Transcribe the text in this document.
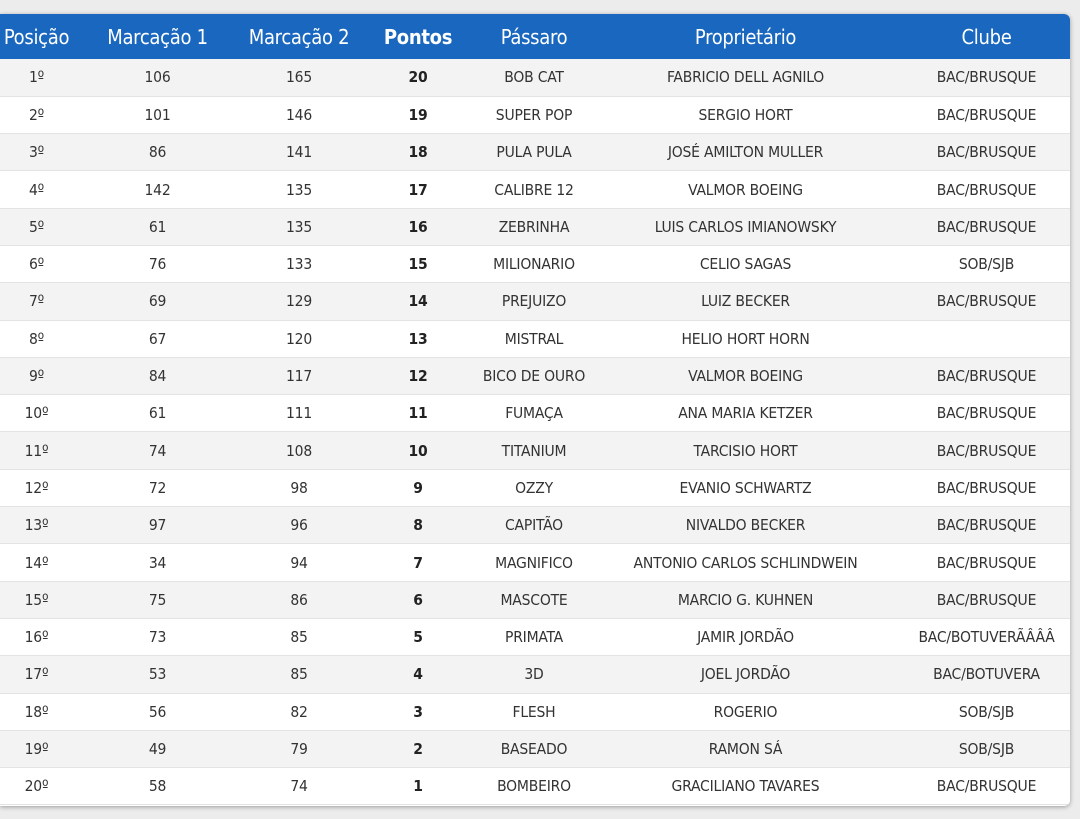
Posição	Marcação 1	Marcação 2	Pontos	Pássaro	Proprietário	Clube
1º	106	165	20	BOB CAT	FABRICIO DELL AGNILO	BAC/BRUSQUE
2º	101	146	19	SUPER POP	SERGIO HORT	BAC/BRUSQUE
3º	86	141	18	PULA PULA	JOSÉ AMILTON MULLER	BAC/BRUSQUE
4º	142	135	17	CALIBRE 12	VALMOR BOEING	BAC/BRUSQUE
5º	61	135	16	ZEBRINHA	LUIS CARLOS IMIANOWSKY	BAC/BRUSQUE
6º	76	133	15	MILIONARIO	CELIO SAGAS	SOB/SJB
7º	69	129	14	PREJUIZO	LUIZ BECKER	BAC/BRUSQUE
8º	67	120	13	MISTRAL	HELIO HORT HORN	
9º	84	117	12	BICO DE OURO	VALMOR BOEING	BAC/BRUSQUE
10º	61	111	11	FUMAÇA	ANA MARIA KETZER	BAC/BRUSQUE
11º	74	108	10	TITANIUM	TARCISIO HORT	BAC/BRUSQUE
12º	72	98	9	OZZY	EVANIO SCHWARTZ	BAC/BRUSQUE
13º	97	96	8	CAPITÃO	NIVALDO BECKER	BAC/BRUSQUE
14º	34	94	7	MAGNIFICO	ANTONIO CARLOS SCHLINDWEIN	BAC/BRUSQUE
15º	75	86	6	MASCOTE	MARCIO G. KUHNEN	BAC/BRUSQUE
16º	73	85	5	PRIMATA	JAMIR JORDÃO	BAC/BOTUVERÃÂÂÂ
17º	53	85	4	3D	JOEL JORDÃO	BAC/BOTUVERA
18º	56	82	3	FLESH	ROGERIO	SOB/SJB
19º	49	79	2	BASEADO	RAMON SÁ	SOB/SJB
20º	58	74	1	BOMBEIRO	GRACILIANO TAVARES	BAC/BRUSQUE
